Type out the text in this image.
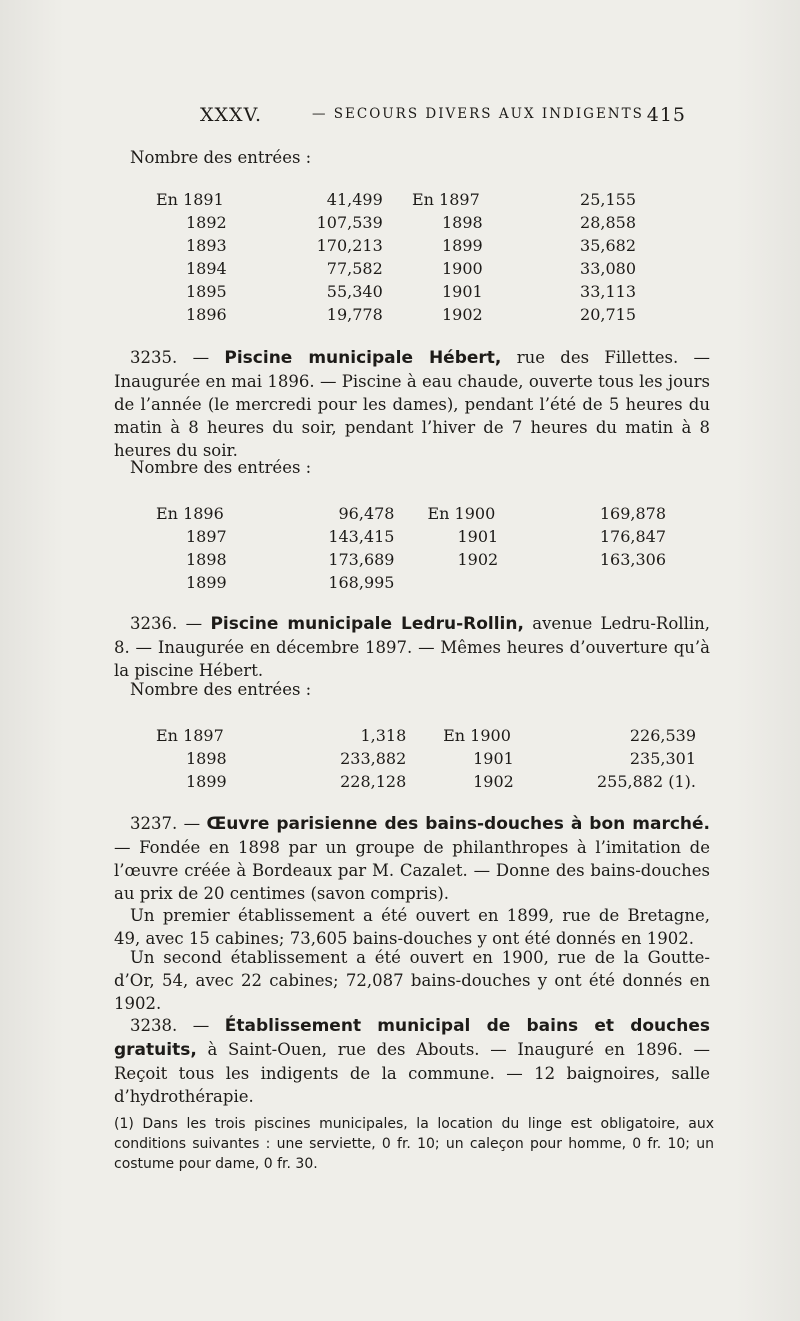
XXXV.	— SECOURS DIVERS AUX INDIGENTS 415
Nombre des entrées :
En 1891	41,499		En 1897	25,155
1892	107,539		1898	28,858
1893	170,213		1899	35,682
1894	77,582		1900	33,080
1895	55,340		1901	33,113
1896	19,778		1902	20,715
3235. — Piscine municipale Hébert, rue des Fillettes. — Inaugurée en mai 1896. — Piscine à eau chaude, ouverte tous les jours de l’année (le mercredi pour les dames), pendant l’été de 5 heures du matin à 8 heures du soir, pendant l’hiver de 7 heures du matin à 8 heures du soir.
Nombre des entrées :
En 1896	96,478		En 1900	169,878
1897	143,415		1901	176,847
1898	173,689		1902	163,306
1899	168,995			
3236. — Piscine municipale Ledru-Rollin, avenue Ledru-Rollin, 8. — Inaugurée en décembre 1897. — Mêmes heures d’ouverture qu’à la piscine Hébert.
Nombre des entrées :
En 1897	1,318		En 1900	226,539
1898	233,882		1901	235,301
1899	228,128		1902	255,882 (1).
3237. — Œuvre parisienne des bains-douches à bon marché. — Fondée en 1898 par un groupe de philanthropes à l’imitation de l’œuvre créée à Bordeaux par M. Cazalet. — Donne des bains-douches au prix de 20 centimes (savon compris).
Un premier établissement a été ouvert en 1899, rue de Bretagne, 49, avec 15 cabines; 73,605 bains-douches y ont été donnés en 1902.
Un second établissement a été ouvert en 1900, rue de la Goutte-d’Or, 54, avec 22 cabines; 72,087 bains-douches y ont été donnés en 1902.
3238. — Établissement municipal de bains et douches gratuits, à Saint-Ouen, rue des Abouts. — Inauguré en 1896. — Reçoit tous les indigents de la commune. — 12 baignoires, salle d’hydrothérapie.
(1) Dans les trois piscines municipales, la location du linge est obligatoire, aux conditions suivantes : une serviette, 0 fr. 10; un caleçon pour homme, 0 fr. 10; un costume pour dame, 0 fr. 30.
